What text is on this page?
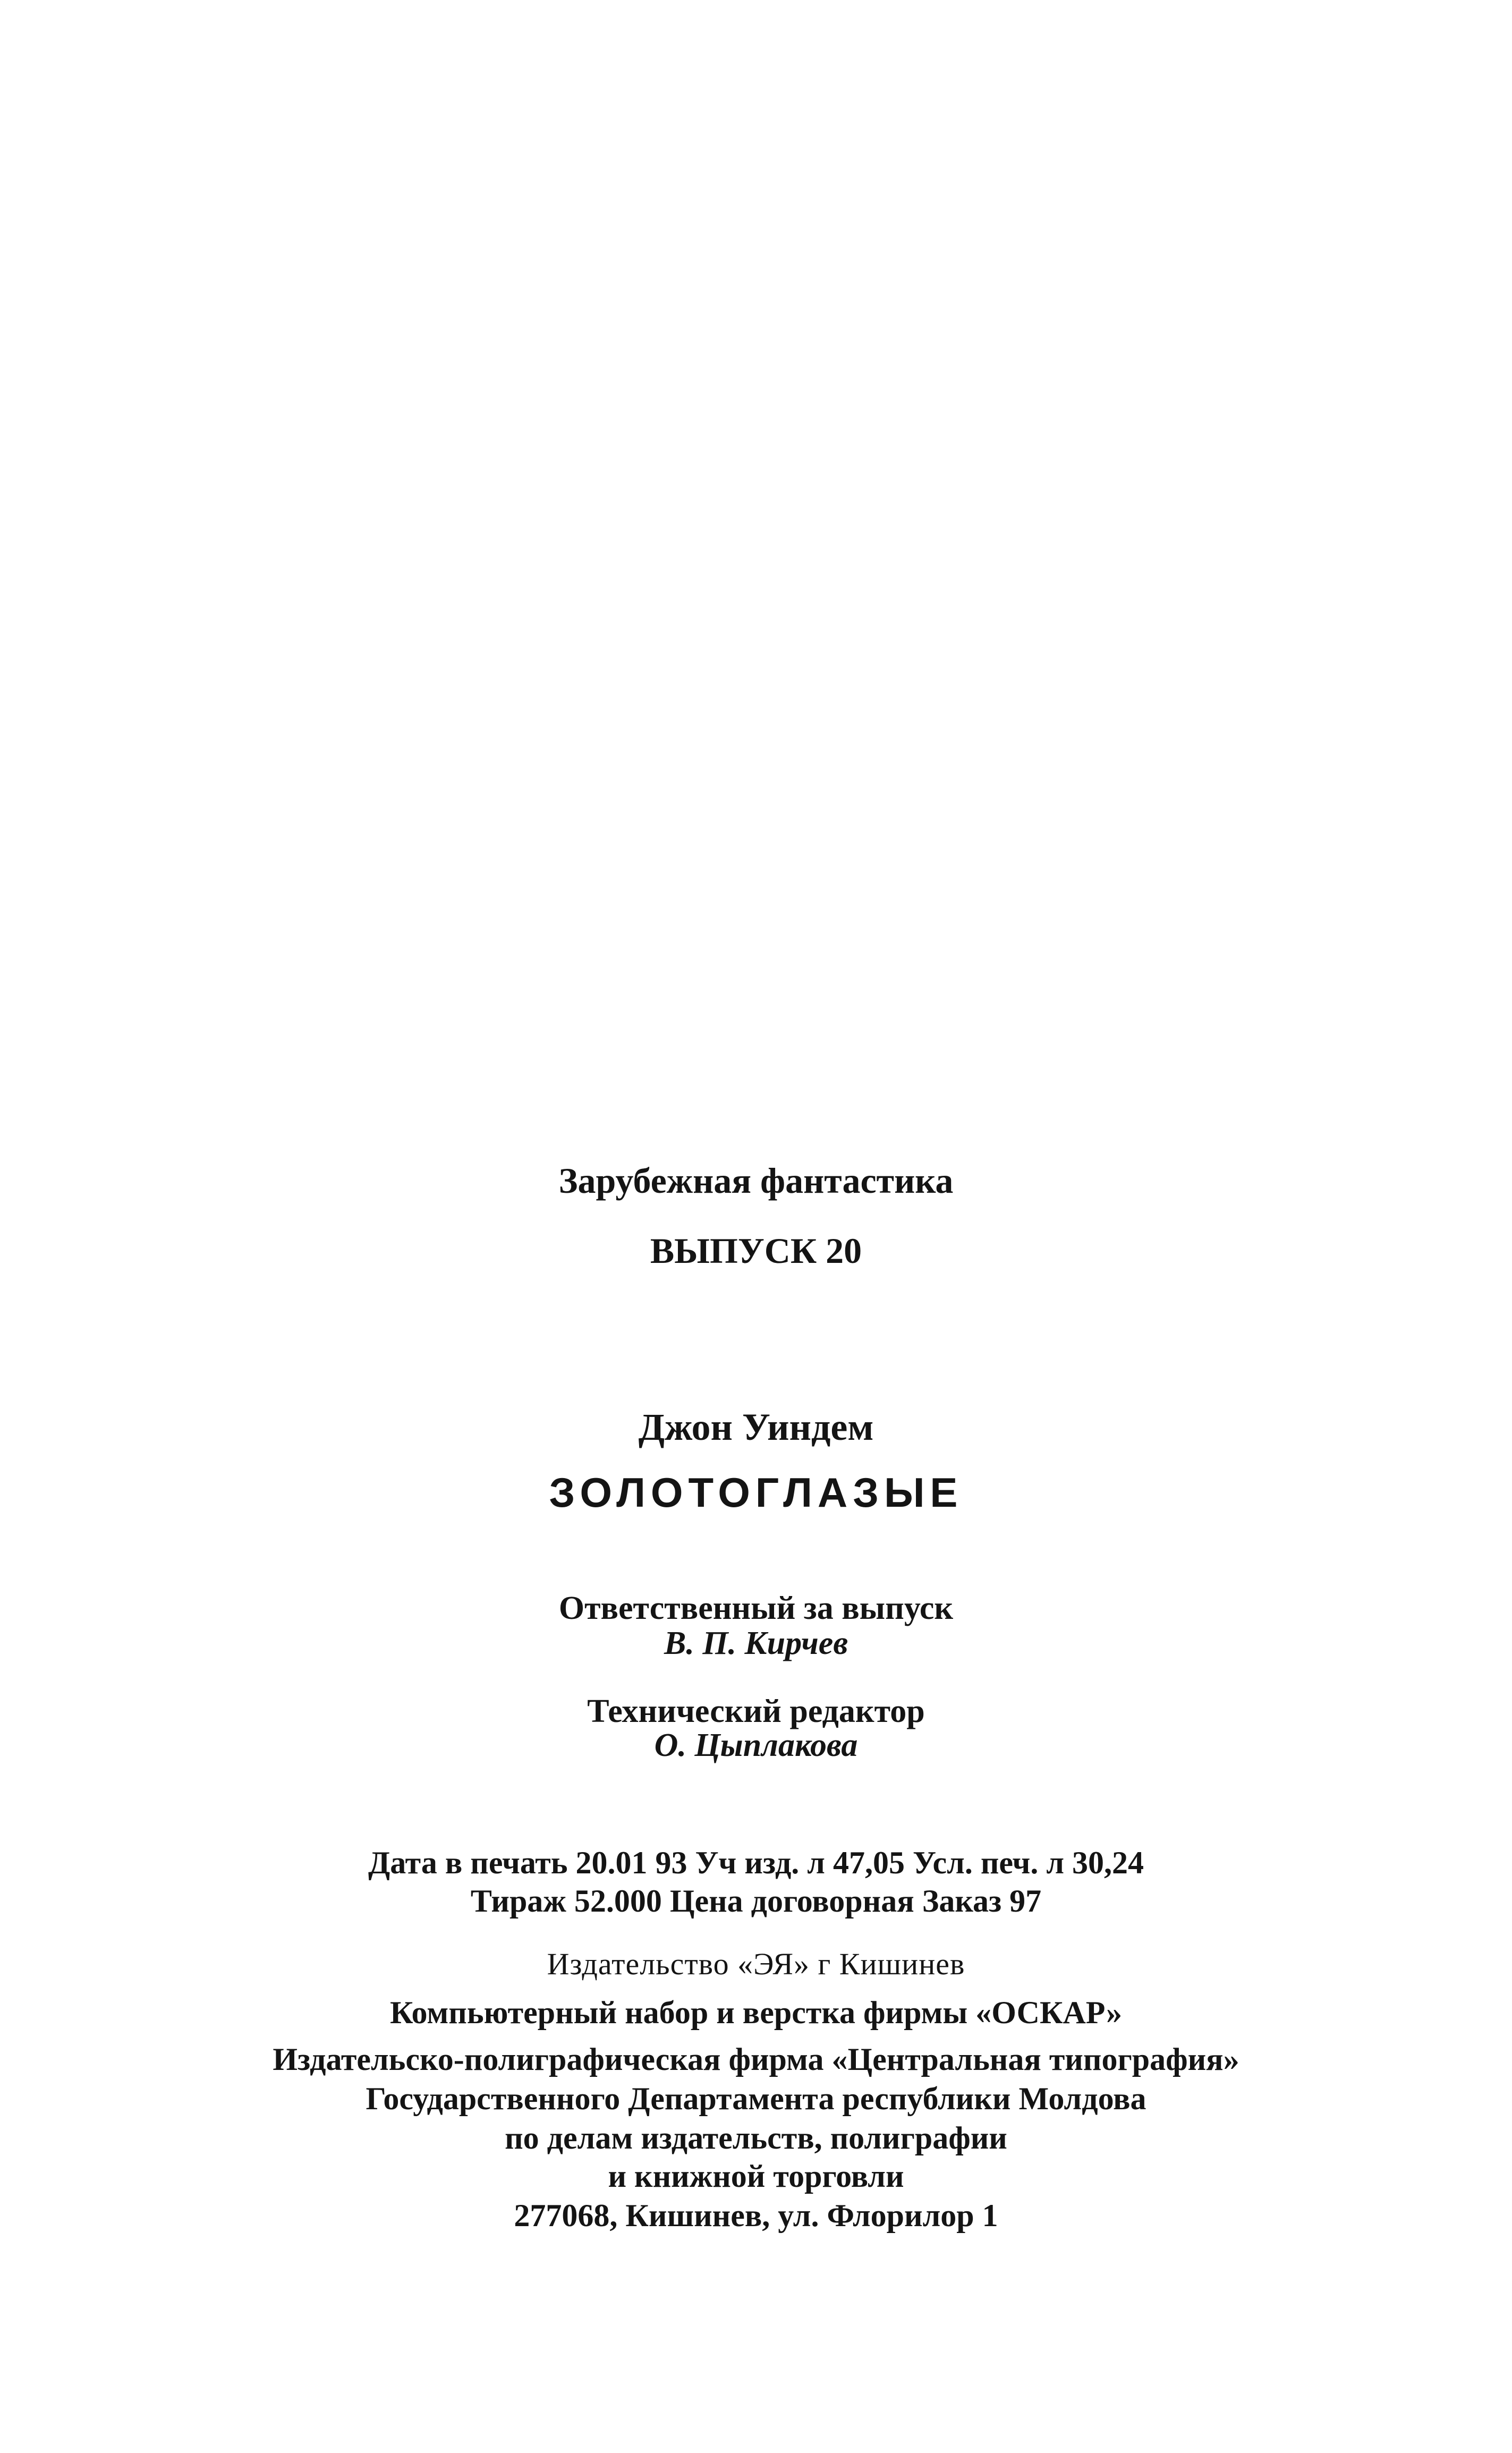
Зарубежная фантастика
ВЫПУСК 20
Джон Уиндем
ЗОЛОТОГЛАЗЫЕ
Ответственный за выпуск
В. П. Кирчев
Технический редактор
О. Цыплакова
Дата в печать 20.01 93 Уч изд. л 47,05 Усл. печ. л 30,24
Тираж 52.000 Цена договорная Заказ 97
Издательство «ЭЯ» г Кишинев
Компьютерный набор и верстка фирмы «ОСКАР»
Издательско-полиграфическая фирма «Центральная типография»
Государственного Департамента республики Молдова
по делам издательств, полиграфии
и книжной торговли
277068, Кишинев, ул. Флорилор 1
